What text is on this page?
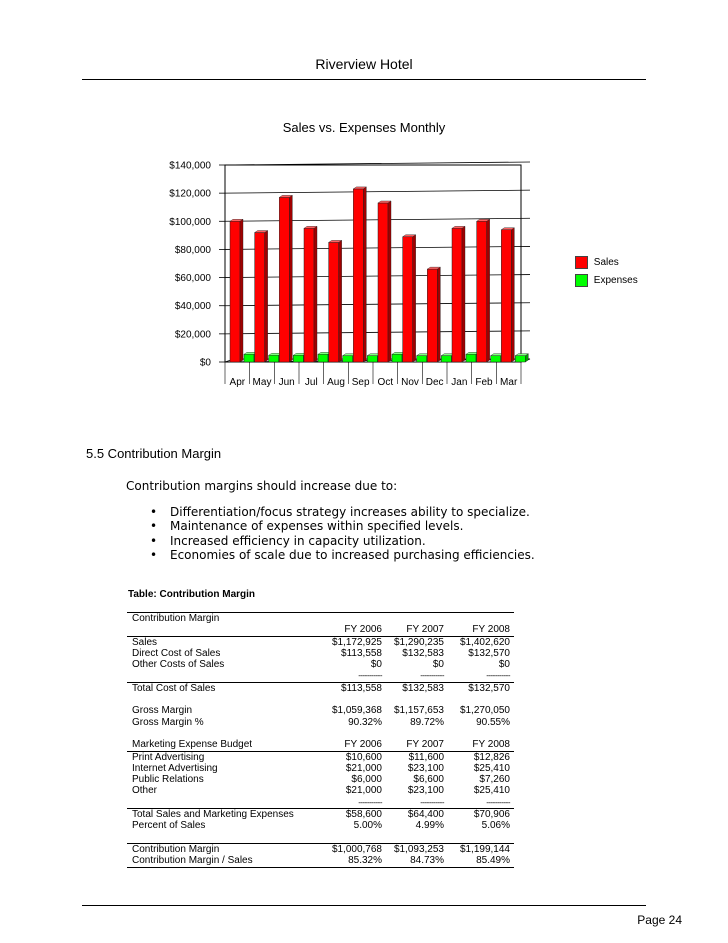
Riverview Hotel
Sales vs. Expenses Monthly
$140,000
$120,000
$100,000
$80,000
$60,000
$40,000
$20,000
$0
Apr May Jun Jul Aug Sep Oct Nov Dec Jan Feb Mar
Sales
Expenses
5.5 Contribution Margin
Contribution margins should increase due to:
• Differentiation/focus strategy increases ability to specialize.
• Maintenance of expenses within specified levels.
• Increased efficiency in capacity utilization.
• Economies of scale due to increased purchasing efficiencies.
Table: Contribution Margin
Contribution Margin
FY 2006 FY 2007	FY 2008
Sales	$1,172,925 $1,290,235 $1,402,620
Direct Cost of Sales	$113,558 $132,583 $132,570
Other Costs of Sales	$0	$0	$0
-----------	-----------	-----------
Total Cost of Sales	$113,558 $132,583 $132,570
Gross Margin	$1,059,368 $1,157,653 $1,270,050
Gross Margin %	90.32%	89.72%	90.55%
Marketing Expense Budget	FY 2006 FY 2007	FY 2008
Print Advertising	$10,600	$11,600	$12,826
Internet Advertising	$21,000	$23,100	$25,410
Public Relations	$6,000	$6,600	$7,260
Other	$21,000	$23,100	$25,410
-----------	-----------	-----------
Total Sales and Marketing Expenses	$58,600	$64,400	$70,906
Percent of Sales	5.00%	4.99%	5.06%
Contribution Margin	$1,000,768 $1,093,253 $1,199,144
Contribution Margin / Sales	85.32%	84.73%	85.49%
Page 24
